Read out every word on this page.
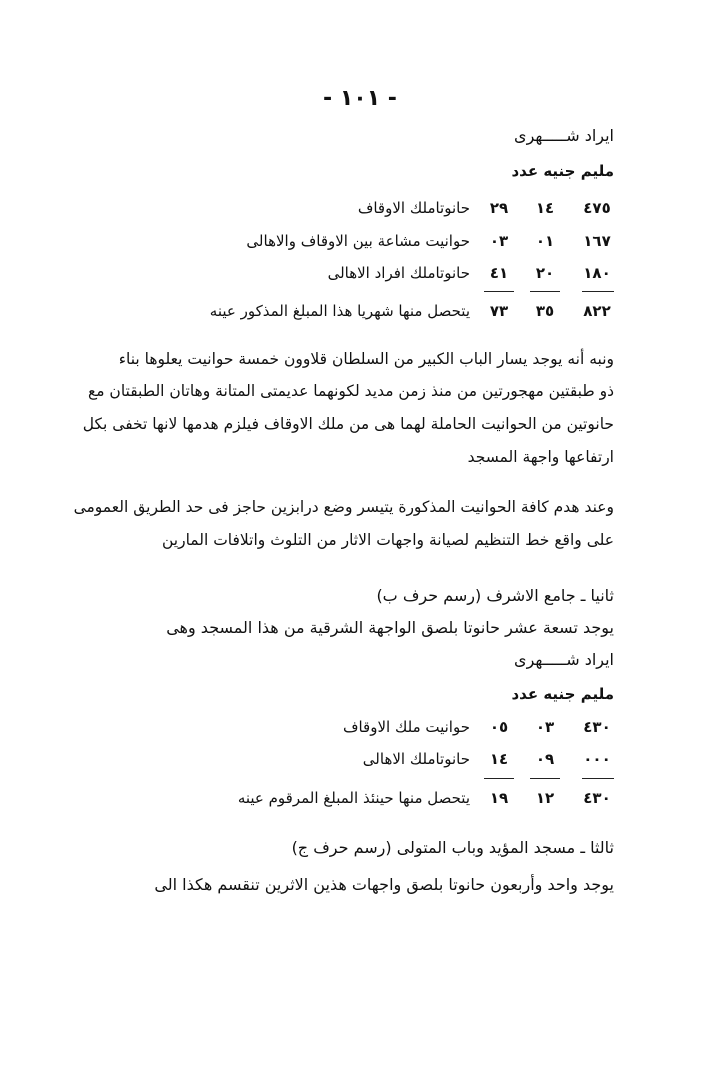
- ١٠١ -
ايراد شـــــهرى
مليم جنيه عدد
٤٧٥
١٤
٢٩
حانوتاملك الاوقاف
١٦٧
٠١
٠٣
حوانيت مشاعة بين الاوقاف والاهالى
١٨٠
٢٠
٤١
حانوتاملك افراد الاهالى
٨٢٢
٣٥
٧٣
يتحصل منها شهريا هذا المبلغ المذكور عينه
ونبه أنه يوجد يسار الباب الكبير من السلطان قلاوون خمسة حوانيت يعلوها بناء
ذو طبقتين مهجورتين من منذ زمن مديد لكونهما عديمتى المتانة وهاتان الطبقتان مع
حانوتين من الحوانيت الحاملة لهما هى من ملك الاوقاف فيلزم هدمها لانها تخفى بكل
ارتفاعها واجهة المسجد
وعند هدم كافة الحوانيت المذكورة يتيسر وضع درابزين حاجز فى حد الطريق العمومى
على واقع خط التنظيم لصيانة واجهات الاثار من التلوث واتلافات المارين
ثانيا ـ جامع الاشرف (رسم حرف ب)
يوجد تسعة عشر حانوتا بلصق الواجهة الشرقية من هذا المسجد وهى
ايراد شـــــهرى
مليم جنيه عدد
٤٣٠
٠٣
٠٥
حوانيت ملك الاوقاف
٠٠٠
٠٩
١٤
حانوتاملك الاهالى
٤٣٠
١٢
١٩
يتحصل منها حينئذ المبلغ المرقوم عينه
ثالثا ـ مسجد المؤيد وباب المتولى (رسم حرف ج)
يوجد واحد وأربعون حانوتا بلصق واجهات هذين الاثرين تنقسم هكذا الى
